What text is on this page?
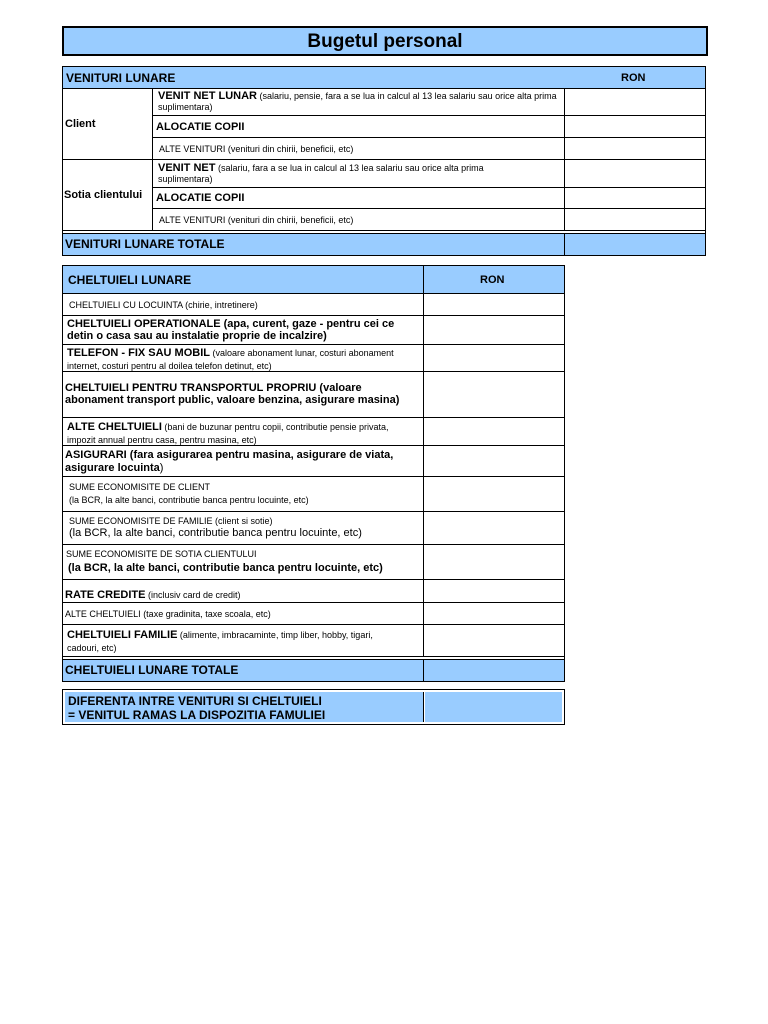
Bugetul personal
VENITURI LUNARE	RON
Client
Sotia clientului
VENIT NET LUNAR (salariu, pensie, fara a se lua in calcul al 13 lea salariu sau orice alta prima suplimentara)
ALOCATIE COPII
ALTE VENITURI (venituri din chirii, beneficii, etc)
VENIT NET (salariu, fara a se lua in calcul al 13 lea salariu sau orice alta prima suplimentara)
ALOCATIE COPII
ALTE VENITURI (venituri din chirii, beneficii, etc)
VENITURI LUNARE TOTALE
CHELTUIELI LUNARE	RON
CHELTUIELI CU LOCUINTA (chirie, intretinere)
CHELTUIELI OPERATIONALE (apa, curent, gaze - pentru cei ce detin o casa sau au instalatie proprie de incalzire)
TELEFON - FIX SAU MOBIL (valoare abonament lunar, costuri abonament internet, costuri pentru al doilea telefon detinut, etc)
CHELTUIELI PENTRU TRANSPORTUL PROPRIU (valoare abonament transport public, valoare benzina, asigurare masina)
ALTE CHELTUIELI (bani de buzunar pentru copii, contributie pensie privata, impozit annual pentru casa, pentru masina, etc)
ASIGURARI (fara asigurarea pentru masina, asigurare de viata, asigurare locuinta)
SUME ECONOMISITE DE CLIENT
(la BCR, la alte banci, contributie banca pentru locuinte, etc)
SUME ECONOMISITE DE FAMILIE (client si sotie)
(la BCR, la alte banci, contributie banca pentru locuinte, etc)
SUME ECONOMISITE DE SOTIA CLIENTULUI
(la BCR, la alte banci, contributie banca pentru locuinte, etc)
RATE CREDITE (inclusiv card de credit)
ALTE CHELTUIELI (taxe gradinita, taxe scoala, etc)
CHELTUIELI FAMILIE (alimente, imbracaminte, timp liber, hobby, tigari, cadouri, etc)
CHELTUIELI LUNARE TOTALE
DIFERENTA INTRE VENITURI SI CHELTUIELI
= VENITUL RAMAS LA DISPOZITIA FAMULIEI
